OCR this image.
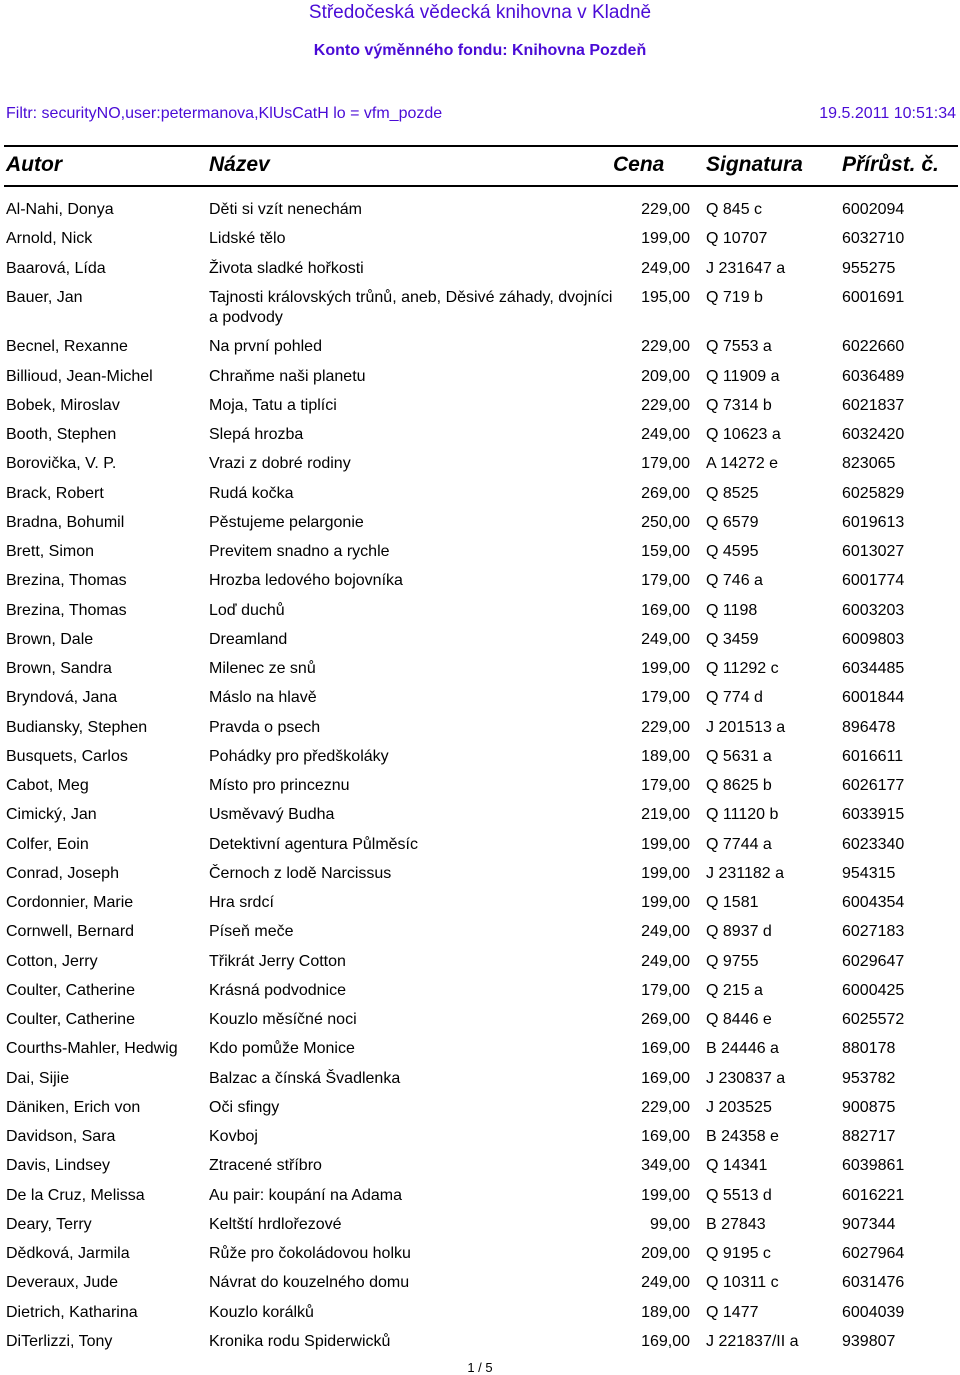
Středočeská vědecká knihovna v Kladně
Konto výměnného fondu: Knihovna Pozdeň
Filtr: securityNO,user:petermanova,KlUsCatH lo = vfm_pozde	19.5.2011 10:51:34
Autor	Název	Cena Signatura Přírůst. č.
Al-Nahi, Donya	Děti si vzít nenechám	229,00 Q 845 c	6002094
Arnold, Nick	Lidské tělo	199,00 Q 10707	6032710
Baarová, Lída	Života sladké hořkosti	249,00 J 231647 a	955275
Bauer, Jan	Tajnosti královských trůnů, aneb, Děsivé záhady, dvojníci a podvody
195,00 Q 719 b	6001691
Becnel, Rexanne	Na první pohled	229,00 Q 7553 a	6022660
Billioud, Jean-Michel	Chraňme naši planetu	209,00 Q 11909 a	6036489
Bobek, Miroslav	Moja, Tatu a tiplíci	229,00 Q 7314 b	6021837
Booth, Stephen	Slepá hrozba	249,00 Q 10623 a	6032420
Borovička, V. P.	Vrazi z dobré rodiny	179,00 A 14272 e	823065
Brack, Robert	Rudá kočka	269,00 Q 8525	6025829
Bradna, Bohumil	Pěstujeme pelargonie	250,00 Q 6579	6019613
Brett, Simon	Previtem snadno a rychle	159,00 Q 4595	6013027
Brezina, Thomas	Hrozba ledového bojovníka	179,00 Q 746 a	6001774
Brezina, Thomas	Loď duchů	169,00 Q 1198	6003203
Brown, Dale	Dreamland	249,00 Q 3459	6009803
Brown, Sandra	Milenec ze snů	199,00 Q 11292 c	6034485
Bryndová, Jana	Máslo na hlavě	179,00 Q 774 d	6001844
Budiansky, Stephen	Pravda o psech	229,00 J 201513 a	896478
Busquets, Carlos	Pohádky pro předškoláky	189,00 Q 5631 a	6016611
Cabot, Meg	Místo pro princeznu	179,00 Q 8625 b	6026177
Cimický, Jan	Usměvavý Budha	219,00 Q 11120 b	6033915
Colfer, Eoin	Detektivní agentura Půlměsíc	199,00 Q 7744 a	6023340
Conrad, Joseph	Černoch z lodě Narcissus	199,00 J 231182 a	954315
Cordonnier, Marie	Hra srdcí	199,00 Q 1581	6004354
Cornwell, Bernard	Píseň meče	249,00 Q 8937 d	6027183
Cotton, Jerry	Třikrát Jerry Cotton	249,00 Q 9755	6029647
Coulter, Catherine	Krásná podvodnice	179,00 Q 215 a	6000425
Coulter, Catherine	Kouzlo měsíčné noci	269,00 Q 8446 e	6025572
Courths-Mahler, Hedwig	Kdo pomůže Monice	169,00 B 24446 a	880178
Dai, Sijie	Balzac a čínská Švadlenka	169,00 J 230837 a	953782
Däniken, Erich von	Oči sfingy	229,00 J 203525	900875
Davidson, Sara	Kovboj	169,00 B 24358 e	882717
Davis, Lindsey	Ztracené stříbro	349,00 Q 14341	6039861
De la Cruz, Melissa	Au pair: koupání na Adama	199,00 Q 5513 d	6016221
Deary, Terry	Keltští hrdlořezové	99,00 B 27843	907344
Dědková, Jarmila	Růže pro čokoládovou holku	209,00 Q 9195 c	6027964
Deveraux, Jude	Návrat do kouzelného domu	249,00 Q 10311 c	6031476
Dietrich, Katharina	Kouzlo korálků	189,00 Q 1477	6004039
DiTerlizzi, Tony	Kronika rodu Spiderwicků	169,00 J 221837/II a	939807
1 / 5
